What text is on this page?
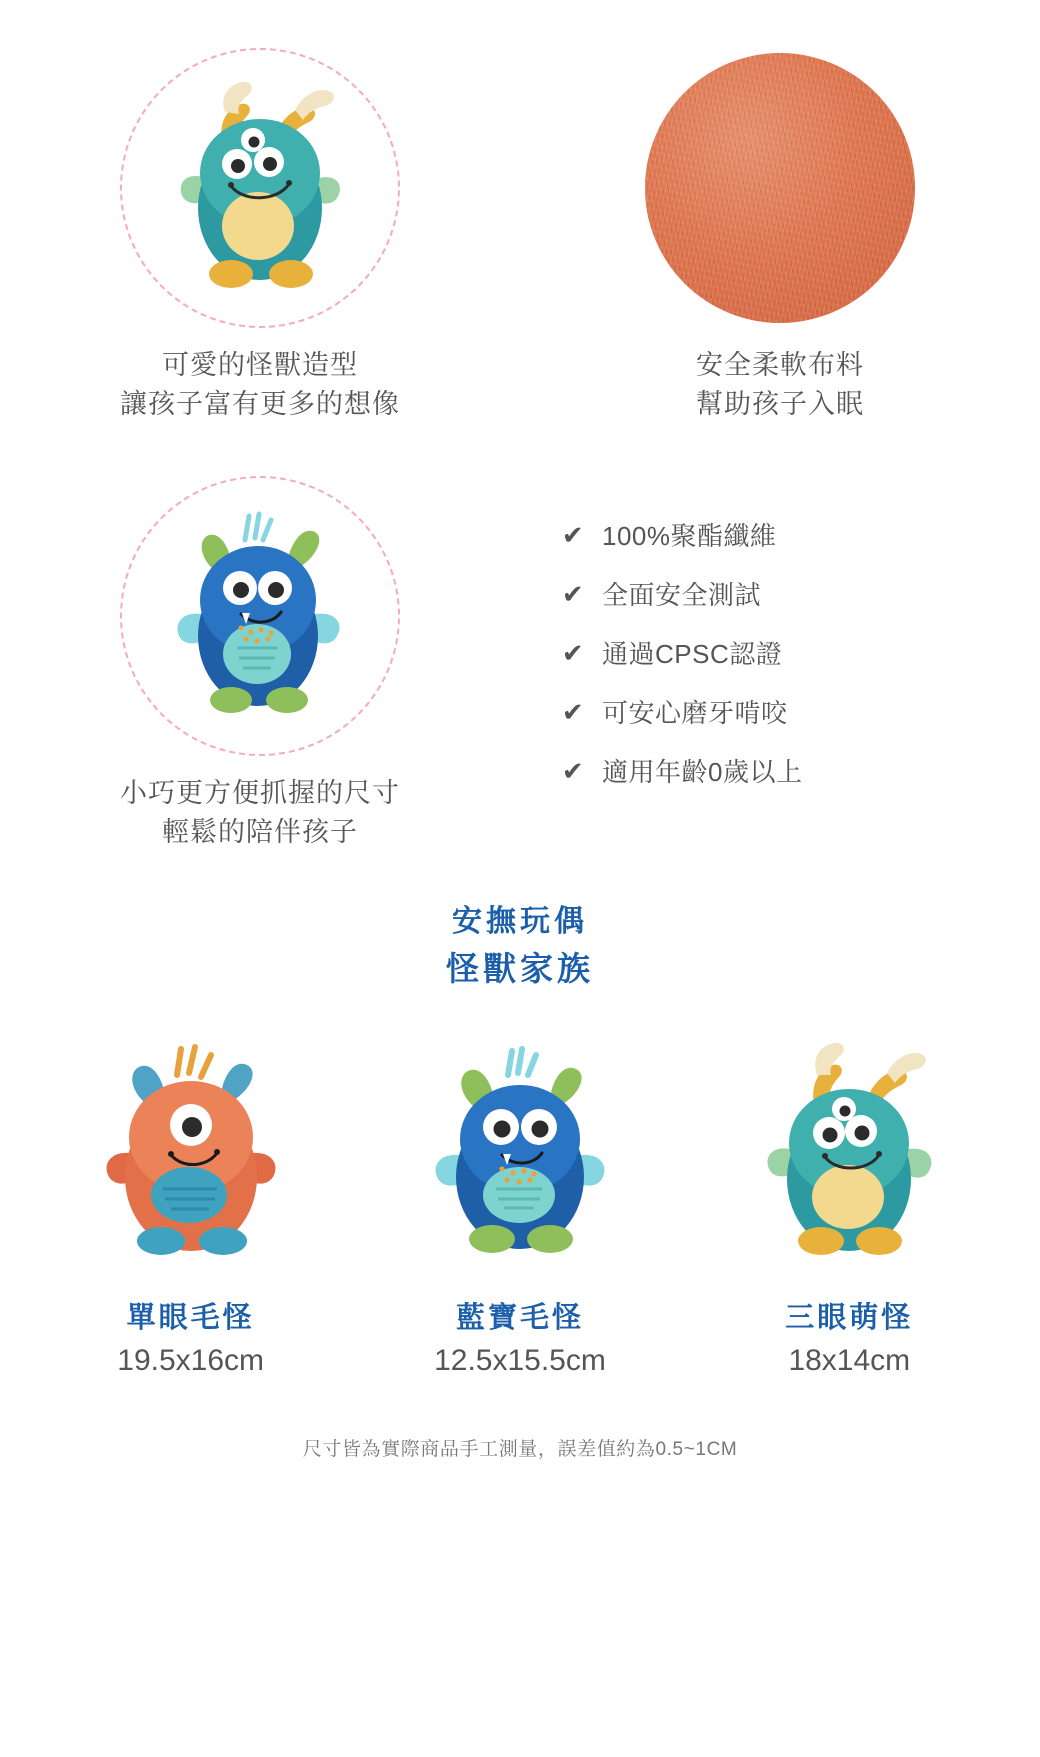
可愛的怪獸造型
讓孩子富有更多的想像
安全柔軟布料
幫助孩子入眠
小巧更方便抓握的尺寸
輕鬆的陪伴孩子
✔ 100%聚酯纖維
✔ 全面安全測試
✔ 通過CPSC認證
✔ 可安心磨牙啃咬
✔ 適用年齡0歲以上
安撫玩偶
怪獸家族
單眼毛怪
19.5x16cm
藍寶毛怪
12.5x15.5cm
三眼萌怪
18x14cm
尺寸皆為實際商品手工測量，誤差值約為0.5~1CM
